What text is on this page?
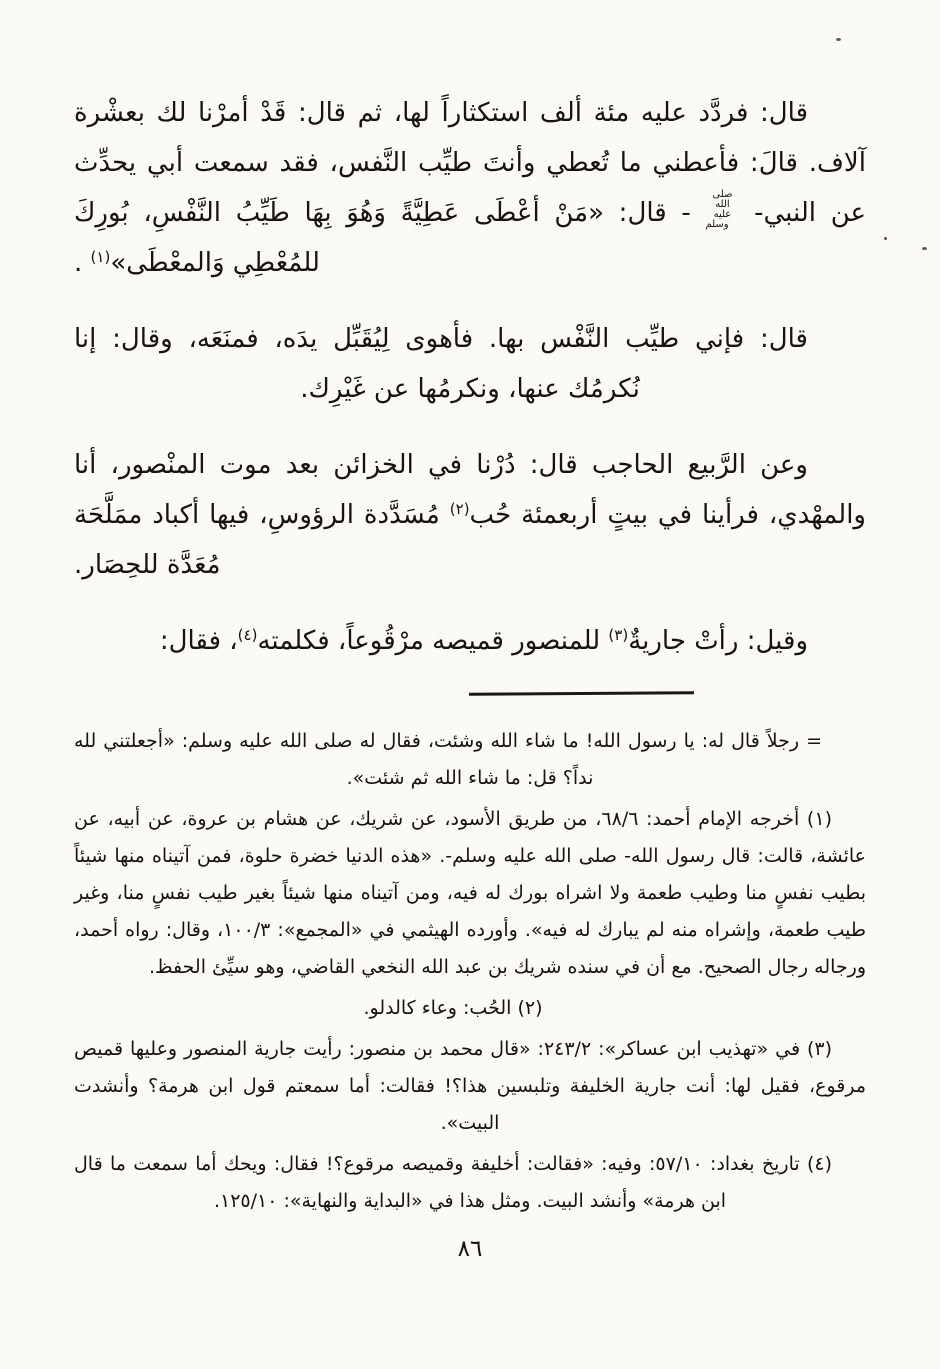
قال: فردَّد عليه مئة ألف استكثاراً لها، ثم قال: قَدْ أمرْنا لك بعشْرة آلاف. قالَ: فأعطني ما تُعطي وأنتَ طيِّب النَّفس، فقد سمعت أبي يحدِّث عن النبي- صلى الله عليه وسلم - قال: «مَنْ أعْطَى عَطِيَّةً وَهُوَ بِهَا طَيِّبُ النَّفْسِ، بُورِكَ للمُعْطِي وَالمعْطَى»$^{(١)}$ .

قال: فإني طيِّب النَّفْس بها. فأهوى لِيُقَبِّل يدَه، فمنَعَه، وقال: إنا نُكرمُك عنها، ونكرمُها عن غَيْرِك.

وعن الرَّبيع الحاجب قال: دُرْنا في الخزائن بعد موت المنْصور، أنا والمهْدي، فرأينا في بيتٍ أربعمئة حُب$^{(٢)}$ مُسَدَّدة الرؤوسِ، فيها أكباد ممَلَّحَة مُعَدَّة للحِصَار.

وقيل: رأتْ جاريةٌ$^{(٣)}$ للمنصور قميصه مرْقُوعاً، فكلمته$^{(٤)}$، فقال:

= رجلاً قال له: يا رسول الله! ما شاء الله وشئت، فقال له صلى الله عليه وسلم: «أجعلتني لله نداً؟ قل: ما شاء الله ثم شئت».

(١) أخرجه الإمام أحمد: ٦٨/٦، من طريق الأسود، عن شريك، عن هشام بن عروة، عن أبيه، عن عائشة، قالت: قال رسول الله- صلى الله عليه وسلم-. «هذه الدنيا خضرة حلوة، فمن آتيناه منها شيئاً بطيب نفسٍ منا وطيب طعمة ولا اشراه بورك له فيه، ومن آتيناه منها شيئاً بغير طيب نفسٍ منا، وغير طيب طعمة، وإشراه منه لم يبارك له فيه». وأورده الهيثمي في «المجمع»: ١٠٠/٣، وقال: رواه أحمد، ورجاله رجال الصحيح. مع أن في سنده شريك بن عبد الله النخعي القاضي، وهو سيِّئ الحفظ.

(٢) الحُب: وعاء كالدلو.

(٣) في «تهذيب ابن عساكر»: ٢٤٣/٢: «قال محمد بن منصور: رأيت جارية المنصور وعليها قميص مرقوع، فقيل لها: أنت جارية الخليفة وتلبسين هذا؟! فقالت: أما سمعتم قول ابن هرمة؟ وأنشدت البيت».

(٤) تاريخ بغداد: ٥٧/١٠: وفيه: «فقالت: أخليفة وقميصه مرقوع؟! فقال: ويحك أما سمعت ما قال ابن هرمة» وأنشد البيت. ومثل هذا في «البداية والنهاية»: ١٢٥/١٠.

٨٦
